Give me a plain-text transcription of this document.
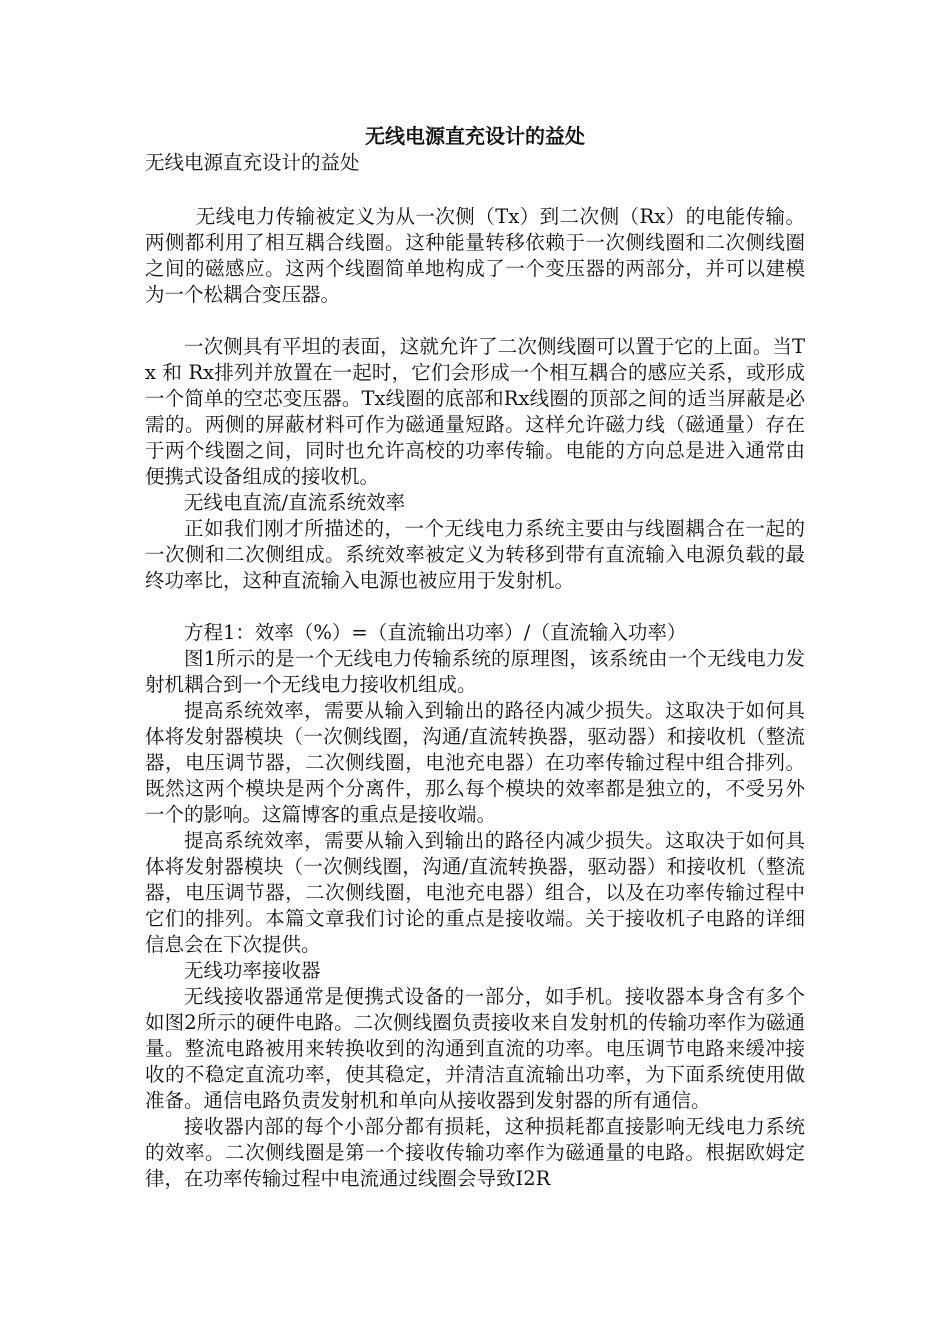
无线电源直充设计的益处
无线电源直充设计的益处

无线电力传输被定义为从一次侧（Tx）到二次侧（Rx）的电能传输。两侧都利用了相互耦合线圈。这种能量转移依赖于一次侧线圈和二次侧线圈之间的磁感应。这两个线圈简单地构成了一个变压器的两部分，并可以建模为一个松耦合变压器。

一次侧具有平坦的表面，这就允许了二次侧线圈可以置于它的上面。当Tx 和 Rx排列并放置在一起时，它们会形成一个相互耦合的感应关系，或形成一个简单的空芯变压器。Tx线圈的底部和Rx线圈的顶部之间的适当屏蔽是必需的。两侧的屏蔽材料可作为磁通量短路。这样允许磁力线（磁通量）存在于两个线圈之间，同时也允许高校的功率传输。电能的方向总是进入通常由便携式设备组成的接收机。

无线电直流/直流系统效率

正如我们刚才所描述的，一个无线电力系统主要由与线圈耦合在一起的一次侧和二次侧组成。系统效率被定义为转移到带有直流输入电源负载的最终功率比，这种直流输入电源也被应用于发射机。

方程1：效率（%）=（直流输出功率）/（直流输入功率）

图1所示的是一个无线电力传输系统的原理图，该系统由一个无线电力发射机耦合到一个无线电力接收机组成。

提高系统效率，需要从输入到输出的路径内减少损失。这取决于如何具体将发射器模块（一次侧线圈，沟通/直流转换器，驱动器）和接收机（整流器，电压调节器，二次侧线圈，电池充电器）在功率传输过程中组合排列。既然这两个模块是两个分离件，那么每个模块的效率都是独立的，不受另外一个的影响。这篇博客的重点是接收端。

提高系统效率，需要从输入到输出的路径内减少损失。这取决于如何具体将发射器模块（一次侧线圈，沟通/直流转换器，驱动器）和接收机（整流器，电压调节器，二次侧线圈，电池充电器）组合，以及在功率传输过程中它们的排列。本篇文章我们讨论的重点是接收端。关于接收机子电路的详细信息会在下次提供。

无线功率接收器

无线接收器通常是便携式设备的一部分，如手机。接收器本身含有多个如图2所示的硬件电路。二次侧线圈负责接收来自发射机的传输功率作为磁通量。整流电路被用来转换收到的沟通到直流的功率。电压调节电路来缓冲接收的不稳定直流功率，使其稳定，并清洁直流输出功率，为下面系统使用做准备。通信电路负责发射机和单向从接收器到发射器的所有通信。

接收器内部的每个小部分都有损耗，这种损耗都直接影响无线电力系统的效率。二次侧线圈是第一个接收传输功率作为磁通量的电路。根据欧姆定律，在功率传输过程中电流通过线圈会导致I2R
